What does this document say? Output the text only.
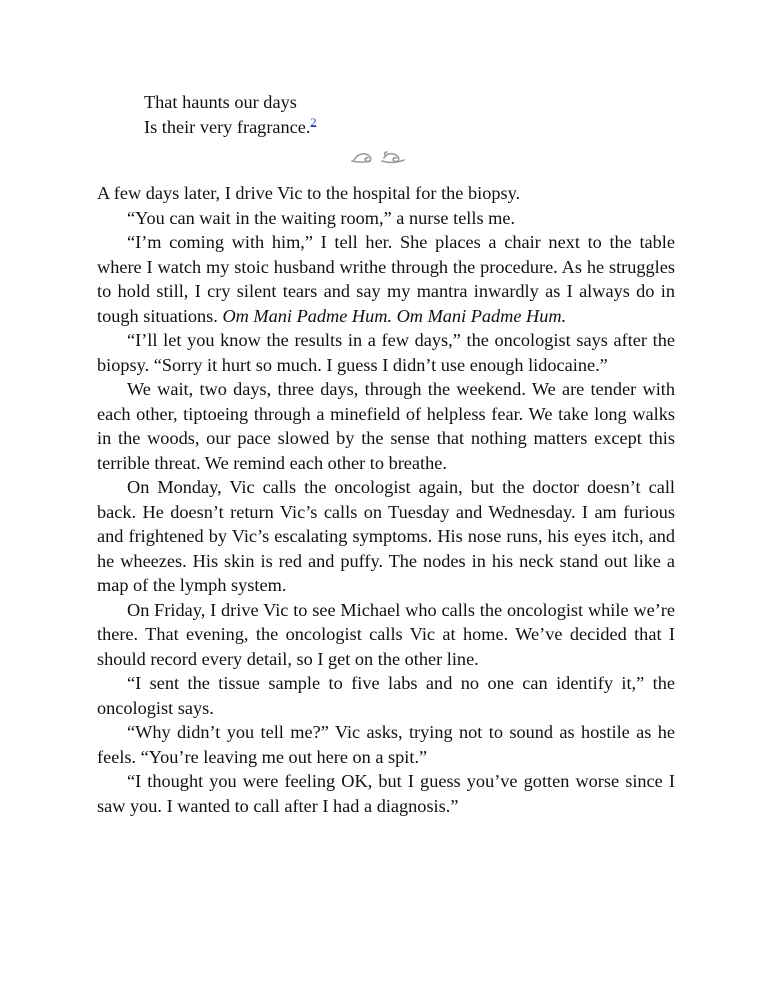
That haunts our days
Is their very fragrance.$^2$

A few days later, I drive Vic to the hospital for the biopsy.

“You can wait in the waiting room,” a nurse tells me.

“I’m coming with him,” I tell her. She places a chair next to the table where I watch my stoic husband writhe through the procedure. As he struggles to hold still, I cry silent tears and say my mantra inwardly as I always do in tough situations. Om Mani Padme Hum. Om Mani Padme Hum.

“I’ll let you know the results in a few days,” the oncologist says after the biopsy. “Sorry it hurt so much. I guess I didn’t use enough lidocaine.”

We wait, two days, three days, through the weekend. We are tender with each other, tiptoeing through a minefield of helpless fear. We take long walks in the woods, our pace slowed by the sense that nothing matters except this terrible threat. We remind each other to breathe.

On Monday, Vic calls the oncologist again, but the doctor doesn’t call back. He doesn’t return Vic’s calls on Tuesday and Wednesday. I am furious and frightened by Vic’s escalating symptoms. His nose runs, his eyes itch, and he wheezes. His skin is red and puffy. The nodes in his neck stand out like a map of the lymph system.

On Friday, I drive Vic to see Michael who calls the oncologist while we’re there. That evening, the oncologist calls Vic at home. We’ve decided that I should record every detail, so I get on the other line.

“I sent the tissue sample to five labs and no one can identify it,” the oncologist says.

“Why didn’t you tell me?” Vic asks, trying not to sound as hostile as he feels. “You’re leaving me out here on a spit.”

“I thought you were feeling OK, but I guess you’ve gotten worse since I saw you. I wanted to call after I had a diagnosis.”
